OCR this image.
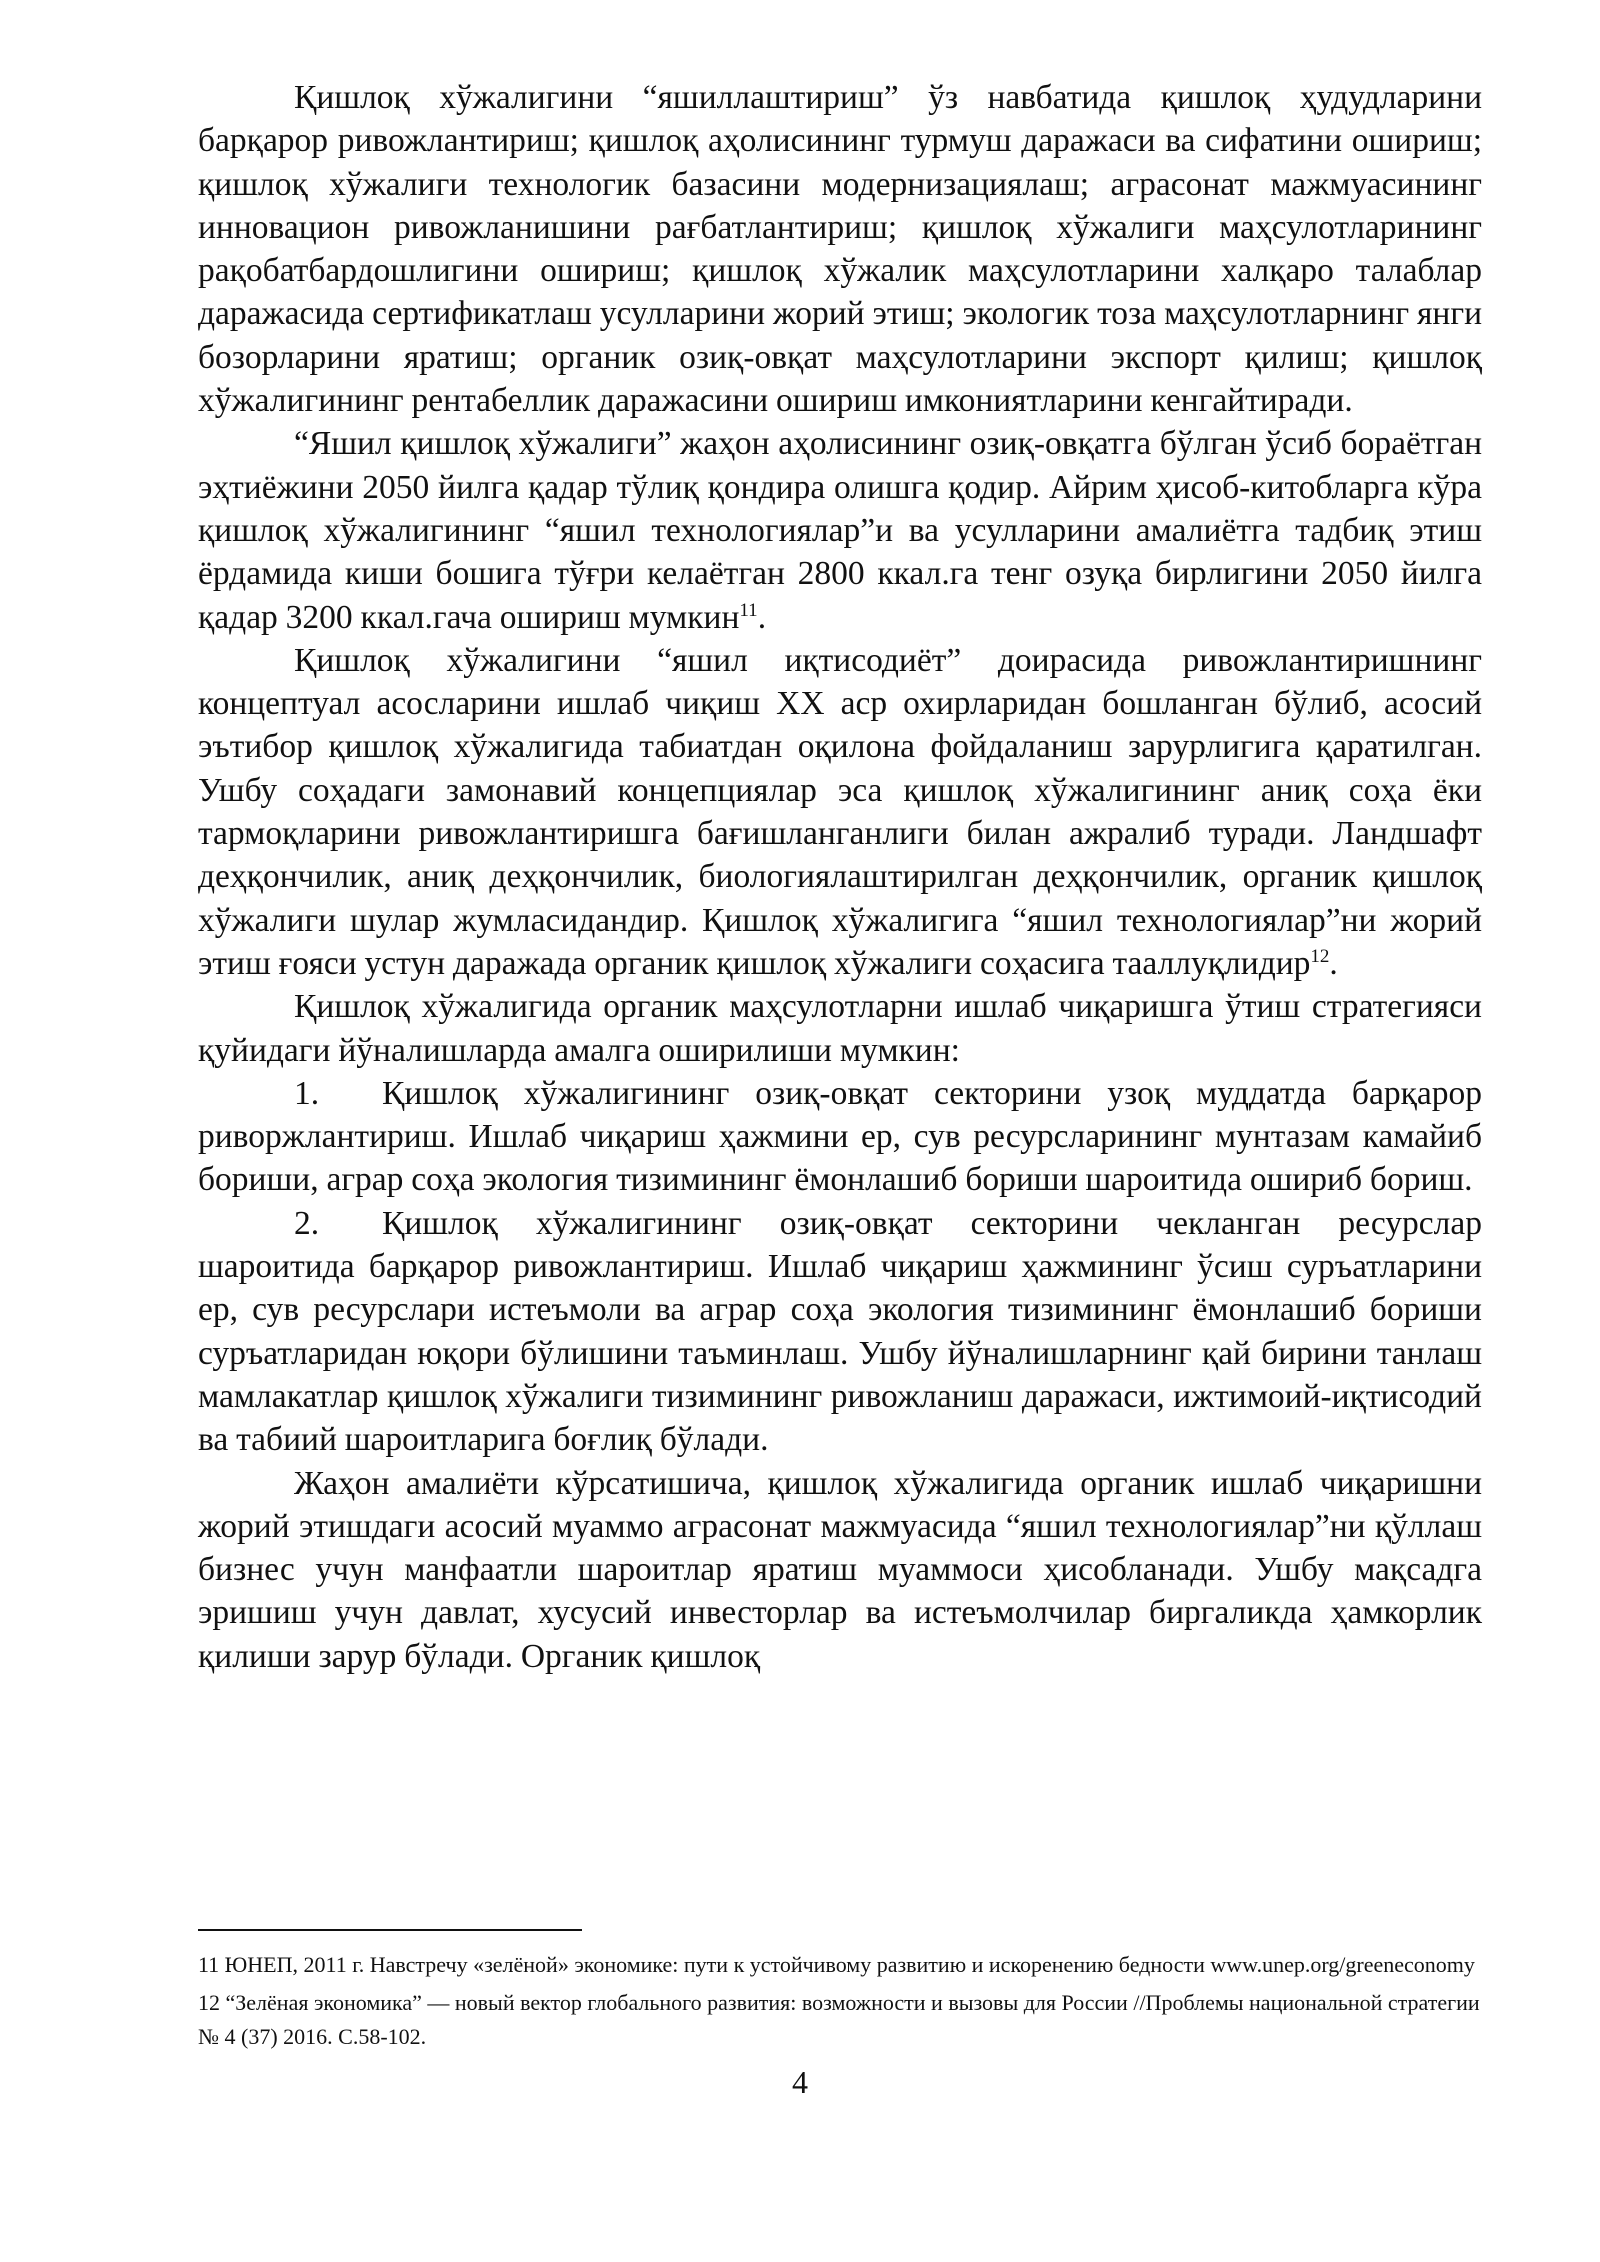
Қишлоқ хўжалигини “яшиллаштириш” ўз навбатида қишлоқ ҳудудларини барқарор ривожлантириш; қишлоқ аҳолисининг турмуш даражаси ва сифатини ошириш; қишлоқ хўжалиги технологик базасини модернизациялаш; аграсонат мажмуасининг инновацион ривожланишини рағбатлантириш; қишлоқ хўжалиги маҳсулотларининг рақобатбардошлигини ошириш; қишлоқ хўжалик маҳсулотларини халқаро талаблар даражасида сертификатлаш усулларини жорий этиш; экологик тоза маҳсулотларнинг янги бозорларини яратиш; органик озиқ-овқат маҳсулотларини экспорт қилиш; қишлоқ хўжалигининг рентабеллик даражасини ошириш имкониятларини кенгайтиради.

“Яшил қишлоқ хўжалиги” жаҳон аҳолисининг озиқ-овқатга бўлган ўсиб бораётган эҳтиёжини 2050 йилга қадар тўлиқ қондира олишга қодир. Айрим ҳисоб-китобларга кўра қишлоқ хўжалигининг “яшил технологиялар”и ва усулларини амалиётга тадбиқ этиш ёрдамида киши бошига тўғри келаётган 2800 ккал.га тенг озуқа бирлигини 2050 йилга қадар 3200 ккал.гача ошириш мумкин$^{11}$.

Қишлоқ хўжалигини “яшил иқтисодиёт” доирасида ривожлантиришнинг концептуал асосларини ишлаб чиқиш XX аср охирларидан бошланган бўлиб, асосий эътибор қишлоқ хўжалигида табиатдан оқилона фойдаланиш зарурлигига қаратилган. Ушбу соҳадаги замонавий концепциялар эса қишлоқ хўжалигининг аниқ соҳа ёки тармоқларини ривожлантиришга бағишланганлиги билан ажралиб туради. Ландшафт деҳқончилик, аниқ деҳқончилик, биологиялаштирилган деҳқончилик, органик қишлоқ хўжалиги шулар жумласидандир. Қишлоқ хўжалигига “яшил технологиялар”ни жорий этиш ғояси устун даражада органик қишлоқ хўжалиги соҳасига тааллуқлидир$^{12}$.

Қишлоқ хўжалигида органик маҳсулотларни ишлаб чиқаришга ўтиш стратегияси қуйидаги йўналишларда амалга оширилиши мумкин:

1. Қишлоқ хўжалигининг озиқ-овқат секторини узоқ муддатда барқарор риворжлантириш. Ишлаб чиқариш ҳажмини ер, сув ресурсларининг мунтазам камайиб бориши, аграр соҳа экология тизимининг ёмонлашиб бориши шароитида ошириб бориш.

2. Қишлоқ хўжалигининг озиқ-овқат секторини чекланган ресурслар шароитида барқарор ривожлантириш. Ишлаб чиқариш ҳажмининг ўсиш суръатларини ер, сув ресурслари истеъмоли ва аграр соҳа экология тизимининг ёмонлашиб бориши суръатларидан юқори бўлишини таъминлаш. Ушбу йўналишларнинг қай бирини танлаш мамлакатлар қишлоқ хўжалиги тизимининг ривожланиш даражаси, ижтимоий-иқтисодий ва табиий шароитларига боғлиқ бўлади.

Жаҳон амалиёти кўрсатишича, қишлоқ хўжалигида органик ишлаб чиқаришни жорий этишдаги асосий муаммо аграсонат мажмуасида “яшил технологиялар”ни қўллаш бизнес учун манфаатли шароитлар яратиш муаммоси ҳисобланади. Ушбу мақсадга эришиш учун давлат, хусусий инвесторлар ва истеъмолчилар биргаликда ҳамкорлик қилиши зарур бўлади. Органик қишлоқ

11 ЮНЕП, 2011 г. Навстречу «зелёной» экономике: пути к устойчивому развитию и искоренению бедности www.unep.org/greeneconomy

12 “Зелёная экономика” — новый вектор глобального развития: возможности и вызовы для России //Проблемы национальной стратегии № 4 (37) 2016. С.58-102.

4
